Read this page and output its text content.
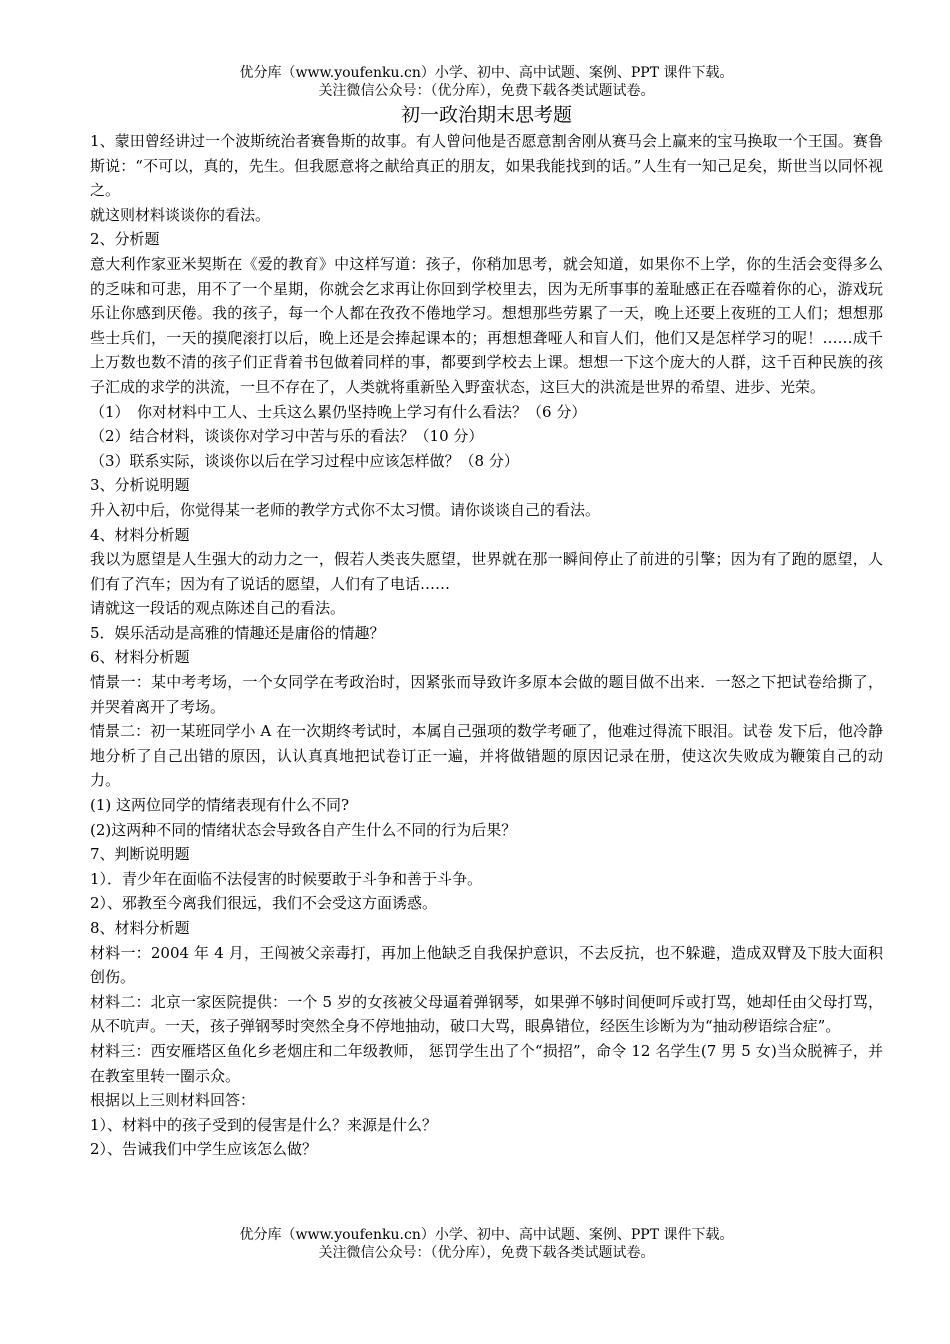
优分库（www.youfenku.cn）小学、初中、高中试题、案例、PPT 课件下载。
关注微信公众号：（优分库），免费下载各类试题试卷。
初一政治期末思考题

1、蒙田曾经讲过一个波斯统治者赛鲁斯的故事。有人曾问他是否愿意割舍刚从赛马会上赢来的宝马换取一个王国。赛鲁斯说：“不可以，真的，先生。但我愿意将之献给真正的朋友，如果我能找到的话。”人生有一知己足矣，斯世当以同怀视之。

就这则材料谈谈你的看法。

2、分析题

意大利作家亚米契斯在《爱的教育》中这样写道：孩子，你稍加思考，就会知道，如果你不上学，你的生活会变得多么的乏味和可悲，用不了一个星期，你就会乞求再让你回到学校里去，因为无所事事的羞耻感正在吞噬着你的心，游戏玩乐让你感到厌倦。我的孩子，每一个人都在孜孜不倦地学习。想想那些劳累了一天，晚上还要上夜班的工人们；想想那些士兵们，一天的摸爬滚打以后，晚上还是会捧起课本的；再想想聋哑人和盲人们，他们又是怎样学习的呢！……成千上万数也数不清的孩子们正背着书包做着同样的事，都要到学校去上课。想想一下这个庞大的人群，这千百种民族的孩子汇成的求学的洪流，一旦不存在了，人类就将重新坠入野蛮状态，这巨大的洪流是世界的希望、进步、光荣。

（1）　你对材料中工人、士兵这么累仍坚持晚上学习有什么看法？（6 分）

（2）结合材料，谈谈你对学习中苦与乐的看法？（10 分）

（3）联系实际，谈谈你以后在学习过程中应该怎样做？（8 分）

3、分析说明题

升入初中后，你觉得某一老师的教学方式你不太习惯。请你谈谈自己的看法。

4、材料分析题

我以为愿望是人生强大的动力之一，假若人类丧失愿望，世界就在那一瞬间停止了前进的引擎；因为有了跑的愿望，人们有了汽车；因为有了说话的愿望，人们有了电话……

请就这一段话的观点陈述自己的看法。

5．娱乐活动是高雅的情趣还是庸俗的情趣？

6、材料分析题

情景一：某中考考场，一个女同学在考政治时，因紧张而导致许多原本会做的题目做不出来．一怒之下把试卷给撕了，并哭着离开了考场。

情景二：初一某班同学小 A 在一次期终考试时，本属自己强项的数学考砸了，他难过得流下眼泪。试卷 发下后，他冷静地分析了自己出错的原因，认认真真地把试卷订正一遍，并将做错题的原因记录在册，使这次失败成为鞭策自己的动力。

(1) 这两位同学的情绪表现有什么不同?

(2)这两种不同的情绪状态会导致各自产生什么不同的行为后果？

7、判断说明题

1）．青少年在面临不法侵害的时候要敢于斗争和善于斗争。

2）、邪教至今离我们很远，我们不会受这方面诱惑。

8、材料分析题

材料一：2004 年 4 月，王闯被父亲毒打，再加上他缺乏自我保护意识，不去反抗，也不躲避，造成双臂及下肢大面积创伤。

材料二：北京一家医院提供：一个 5 岁的女孩被父母逼着弹钢琴，如果弹不够时间便呵斥或打骂，她却任由父母打骂，从不吭声。一天，孩子弹钢琴时突然全身不停地抽动，破口大骂，眼鼻错位，经医生诊断为为“抽动秽语综合症”。

材料三：西安雁塔区鱼化乡老烟庄和二年级教师， 惩罚学生出了个“损招”，命令 12 名学生(7 男 5 女)当众脱裤子，并在教室里转一圈示众。

根据以上三则材料回答：

1）、材料中的孩子受到的侵害是什么？来源是什么？

2）、告诫我们中学生应该怎么做？

优分库（www.youfenku.cn）小学、初中、高中试题、案例、PPT 课件下载。
关注微信公众号：（优分库），免费下载各类试题试卷。
